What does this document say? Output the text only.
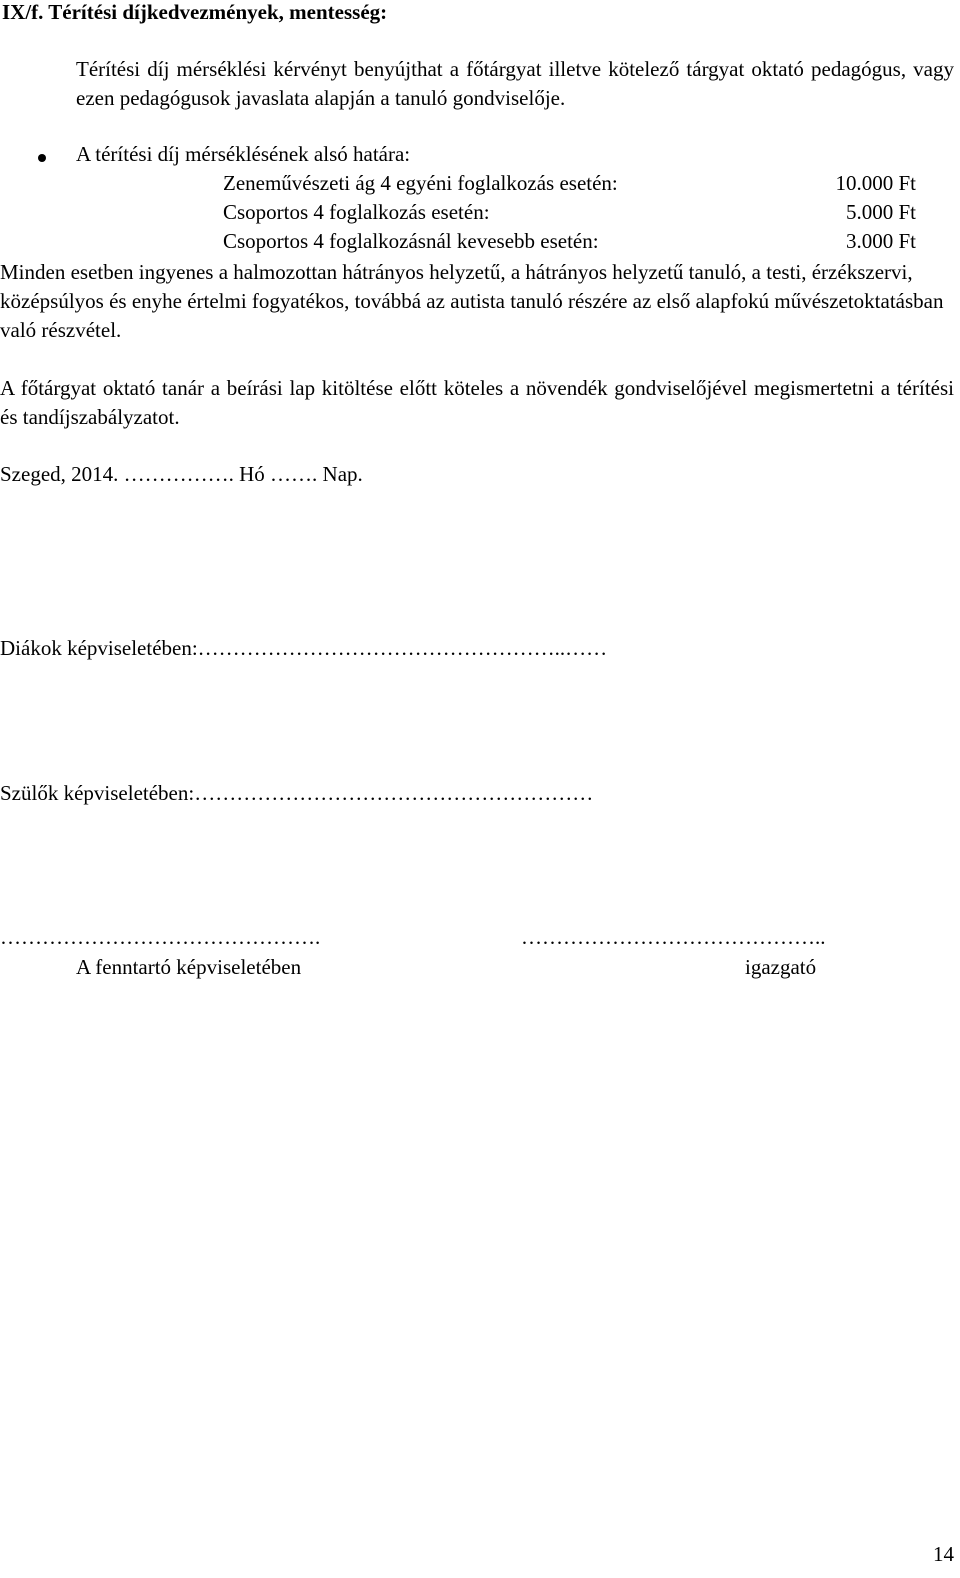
IX/f. Térítési díjkedvezmények, mentesség:
Térítési díj mérséklési kérvényt benyújthat a főtárgyat illetve kötelező tárgyat oktató pedagógus, vagy ezen pedagógusok javaslata alapján a tanuló gondviselője.
A térítési díj mérséklésének alsó határa:
Zeneművészeti ág 4 egyéni foglalkozás esetén:	10.000 Ft
Csoportos 4 foglalkozás esetén:	5.000 Ft
Csoportos 4 foglalkozásnál kevesebb esetén:	3.000 Ft
Minden esetben ingyenes a halmozottan hátrányos helyzetű, a hátrányos helyzetű tanuló, a testi, érzékszervi, középsúlyos és enyhe értelmi fogyatékos, továbbá az autista tanuló részére az első alapfokú művészetoktatásban való részvétel.
A főtárgyat oktató tanár a beírási lap kitöltése előtt köteles a növendék gondviselőjével megismertetni a térítési és tandíjszabályzatot.
Szeged, 2014. ……………. Hó ……. Nap.
Diákok képviseletében:……………………………………………..……
Szülők képviseletében:…………………………………………………
……………………………………….	……………………………………..
A fenntartó képviseletében	igazgató
14
